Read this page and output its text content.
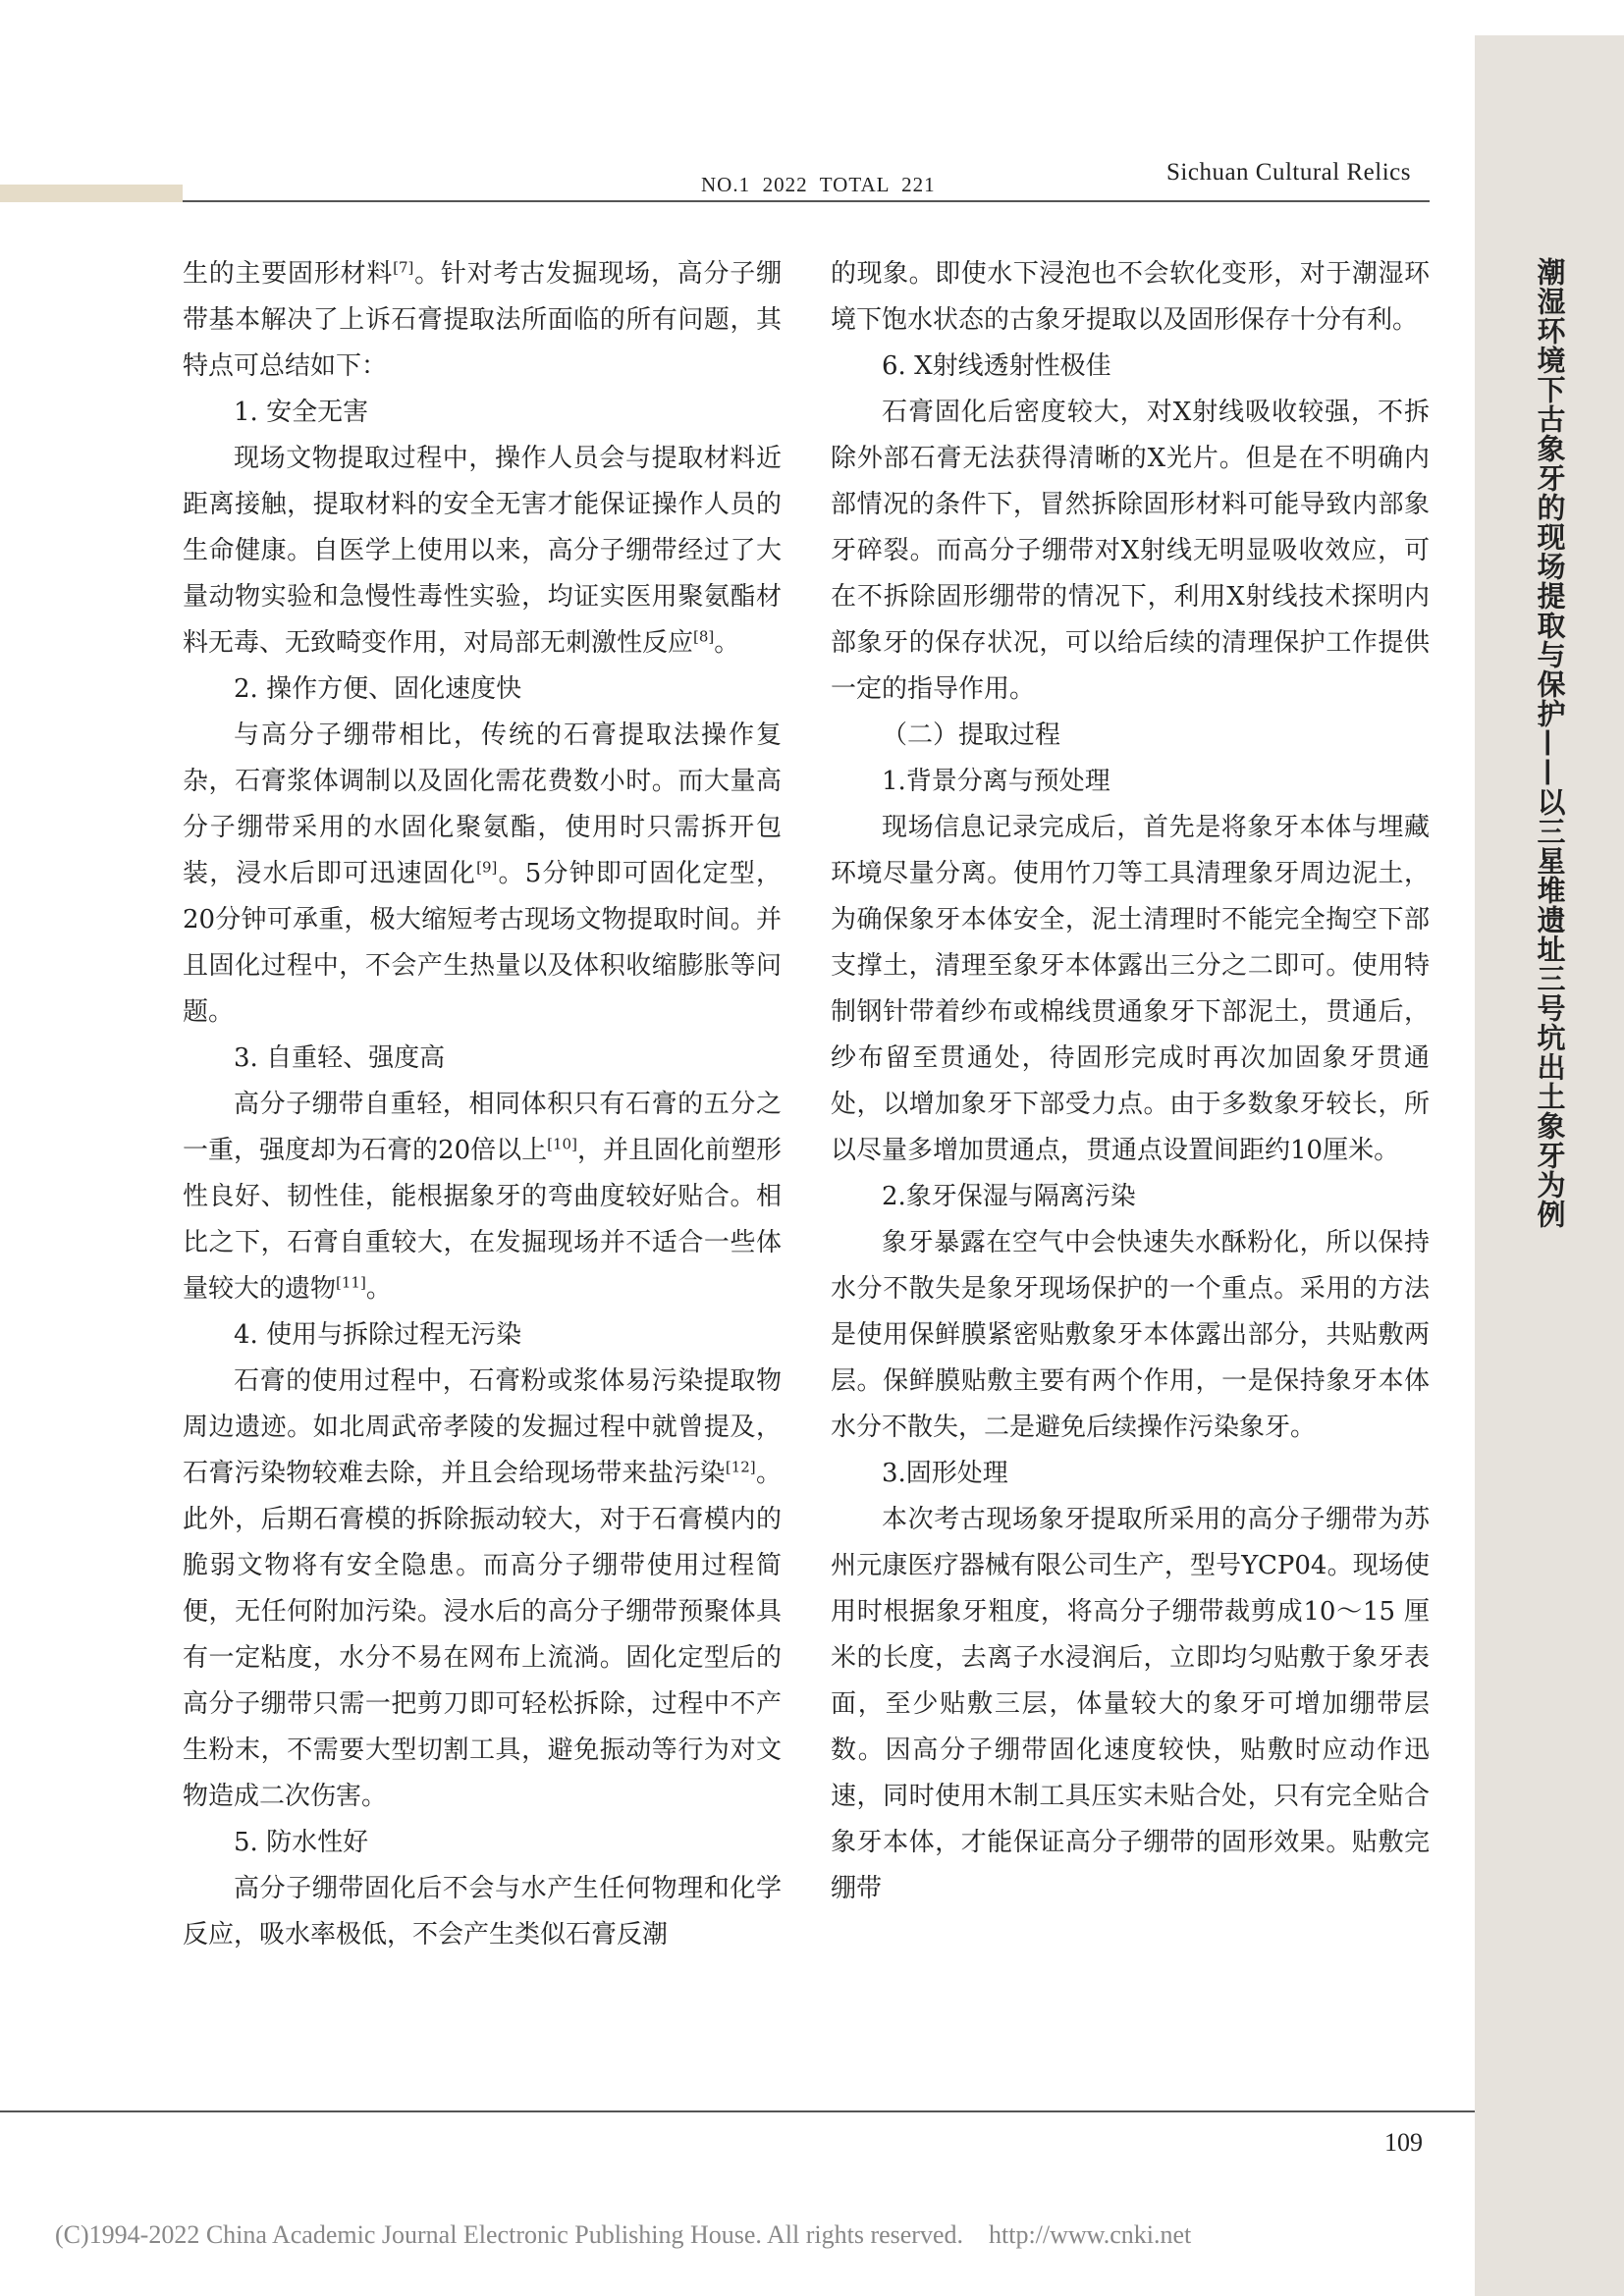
潮湿环境下古象牙的现场提取与保护——以三星堆遗址三号坑出土象牙为例
NO.1  2022  TOTAL  221	Sichuan Cultural Relics

生的主要固形材料[7]。针对考古发掘现场，高分子绷带基本解决了上诉石膏提取法所面临的所有问题，其特点可总结如下：

1. 安全无害

现场文物提取过程中，操作人员会与提取材料近距离接触，提取材料的安全无害才能保证操作人员的生命健康。自医学上使用以来，高分子绷带经过了大量动物实验和急慢性毒性实验，均证实医用聚氨酯材料无毒、无致畸变作用，对局部无刺激性反应[8]。

2. 操作方便、固化速度快

与高分子绷带相比，传统的石膏提取法操作复杂，石膏浆体调制以及固化需花费数小时。而大量高分子绷带采用的水固化聚氨酯，使用时只需拆开包装，浸水后即可迅速固化[9]。5分钟即可固化定型，20分钟可承重，极大缩短考古现场文物提取时间。并且固化过程中，不会产生热量以及体积收缩膨胀等问题。

3. 自重轻、强度高

高分子绷带自重轻，相同体积只有石膏的五分之一重，强度却为石膏的20倍以上[10]，并且固化前塑形性良好、韧性佳，能根据象牙的弯曲度较好贴合。相比之下，石膏自重较大，在发掘现场并不适合一些体量较大的遗物[11]。

4. 使用与拆除过程无污染

石膏的使用过程中，石膏粉或浆体易污染提取物周边遗迹。如北周武帝孝陵的发掘过程中就曾提及，石膏污染物较难去除，并且会给现场带来盐污染[12]。此外，后期石膏模的拆除振动较大，对于石膏模内的脆弱文物将有安全隐患。而高分子绷带使用过程简便，无任何附加污染。浸水后的高分子绷带预聚体具有一定粘度，水分不易在网布上流淌。固化定型后的高分子绷带只需一把剪刀即可轻松拆除，过程中不产生粉末，不需要大型切割工具，避免振动等行为对文物造成二次伤害。

5. 防水性好

高分子绷带固化后不会与水产生任何物理和化学反应，吸水率极低，不会产生类似石膏反潮

的现象。即使水下浸泡也不会软化变形，对于潮湿环境下饱水状态的古象牙提取以及固形保存十分有利。

6. X射线透射性极佳

石膏固化后密度较大，对X射线吸收较强，不拆除外部石膏无法获得清晰的X光片。但是在不明确内部情况的条件下，冒然拆除固形材料可能导致内部象牙碎裂。而高分子绷带对X射线无明显吸收效应，可在不拆除固形绷带的情况下，利用X射线技术探明内部象牙的保存状况，可以给后续的清理保护工作提供一定的指导作用。

（二）提取过程

1.背景分离与预处理

现场信息记录完成后，首先是将象牙本体与埋藏环境尽量分离。使用竹刀等工具清理象牙周边泥土，为确保象牙本体安全，泥土清理时不能完全掏空下部支撑土，清理至象牙本体露出三分之二即可。使用特制钢针带着纱布或棉线贯通象牙下部泥土，贯通后，纱布留至贯通处，待固形完成时再次加固象牙贯通处，以增加象牙下部受力点。由于多数象牙较长，所以尽量多增加贯通点，贯通点设置间距约10厘米。

2.象牙保湿与隔离污染

象牙暴露在空气中会快速失水酥粉化，所以保持水分不散失是象牙现场保护的一个重点。采用的方法是使用保鲜膜紧密贴敷象牙本体露出部分，共贴敷两层。保鲜膜贴敷主要有两个作用，一是保持象牙本体水分不散失，二是避免后续操作污染象牙。

3.固形处理

本次考古现场象牙提取所采用的高分子绷带为苏州元康医疗器械有限公司生产，型号YCP04。现场使用时根据象牙粗度，将高分子绷带裁剪成10～15 厘米的长度，去离子水浸润后，立即均匀贴敷于象牙表面，至少贴敷三层，体量较大的象牙可增加绷带层数。因高分子绷带固化速度较快，贴敷时应动作迅速，同时使用木制工具压实未贴合处，只有完全贴合象牙本体，才能保证高分子绷带的固形效果。贴敷完绷带

109
(C)1994-2022 China Academic Journal Electronic Publishing House. All rights reserved.    http://www.cnki.net
